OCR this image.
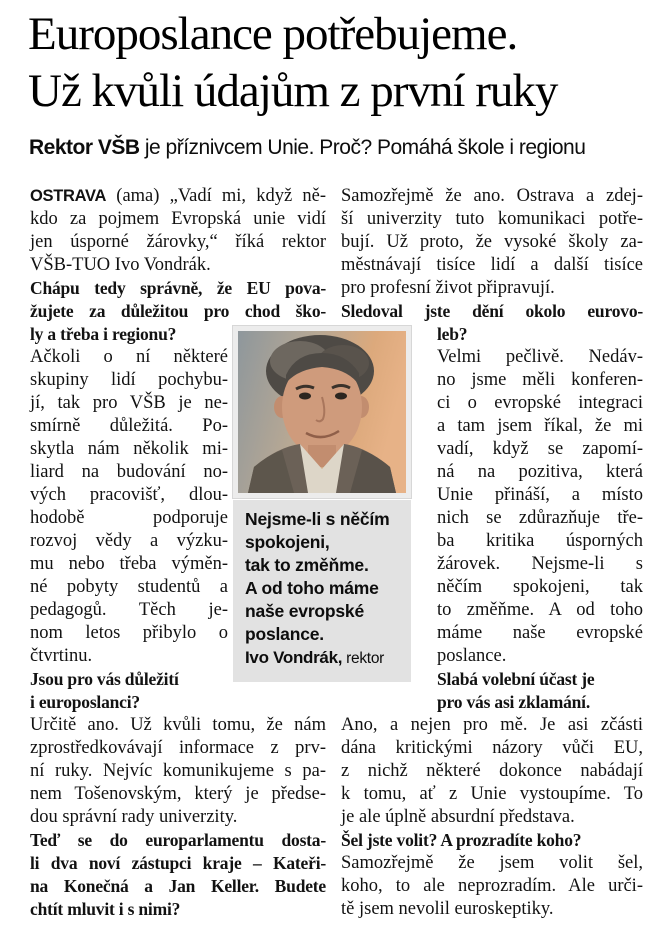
Europoslance potřebujeme.
Už kvůli údajům z první ruky
Rektor VŠB je příznivcem Unie. Proč? Pomáhá škole i regionu
OSTRAVA (ama) „Vadí mi, když ně-
kdo za pojmem Evropská unie vidí
jen úsporné žárovky,“ říká rektor
VŠB-TUO Ivo Vondrák.
Chápu tedy správně, že EU pova-
žujete za důležitou pro chod ško-
ly a třeba i regionu?
Ačkoli o ní některé
skupiny lidí pochybu-
jí, tak pro VŠB je ne-
smírně důležitá. Po-
skytla nám několik mi-
liard na budování no-
vých pracovišť, dlou-
hodobě podporuje
rozvoj vědy a výzku-
mu nebo třeba výměn-
né pobyty studentů a
pedagogů. Těch je-
nom letos přibylo o
čtvrtinu.
Jsou pro vás důležití
i europoslanci?
Určitě ano. Už kvůli tomu, že nám
zprostředkovávají informace z prv-
ní ruky. Nejvíc komunikujeme s pa-
nem Tošenovským, který je předse-
dou správní rady univerzity.
Teď se do europarlamentu dosta-
li dva noví zástupci kraje – Kateři-
na Konečná a Jan Keller. Budete
chtít mluvit i s nimi?
Samozřejmě že ano. Ostrava a zdej-
ší univerzity tuto komunikaci potře-
bují. Už proto, že vysoké školy za-
městnávají tisíce lidí a další tisíce
pro profesní život připravují.
Sledoval jste dění okolo eurovo-
leb?
Velmi pečlivě. Nedáv-
no jsme měli konferen-
ci o evropské integraci
a tam jsem říkal, že mi
vadí, když se zapomí-
ná na pozitiva, která
Unie přináší, a místo
nich se zdůrazňuje tře-
ba kritika úsporných
žárovek. Nejsme-li s
něčím spokojeni, tak
to změňme. A od toho
máme naše evropské
poslance.
Slabá volební účast je
pro vás asi zklamání.
Ano, a nejen pro mě. Je asi zčásti
dána kritickými názory vůči EU,
z nichž některé dokonce nabádají
k tomu, ať z Unie vystoupíme. To
je ale úplně absurdní představa.
Šel jste volit? A prozradíte koho?
Samozřejmě že jsem volit šel,
koho, to ale neprozradím. Ale urči-
tě jsem nevolil euroskeptiky.
Nejsme-li s něčím
spokojeni,
tak to změňme.
A od toho máme
naše evropské
poslance.
Ivo Vondrák, rektor
